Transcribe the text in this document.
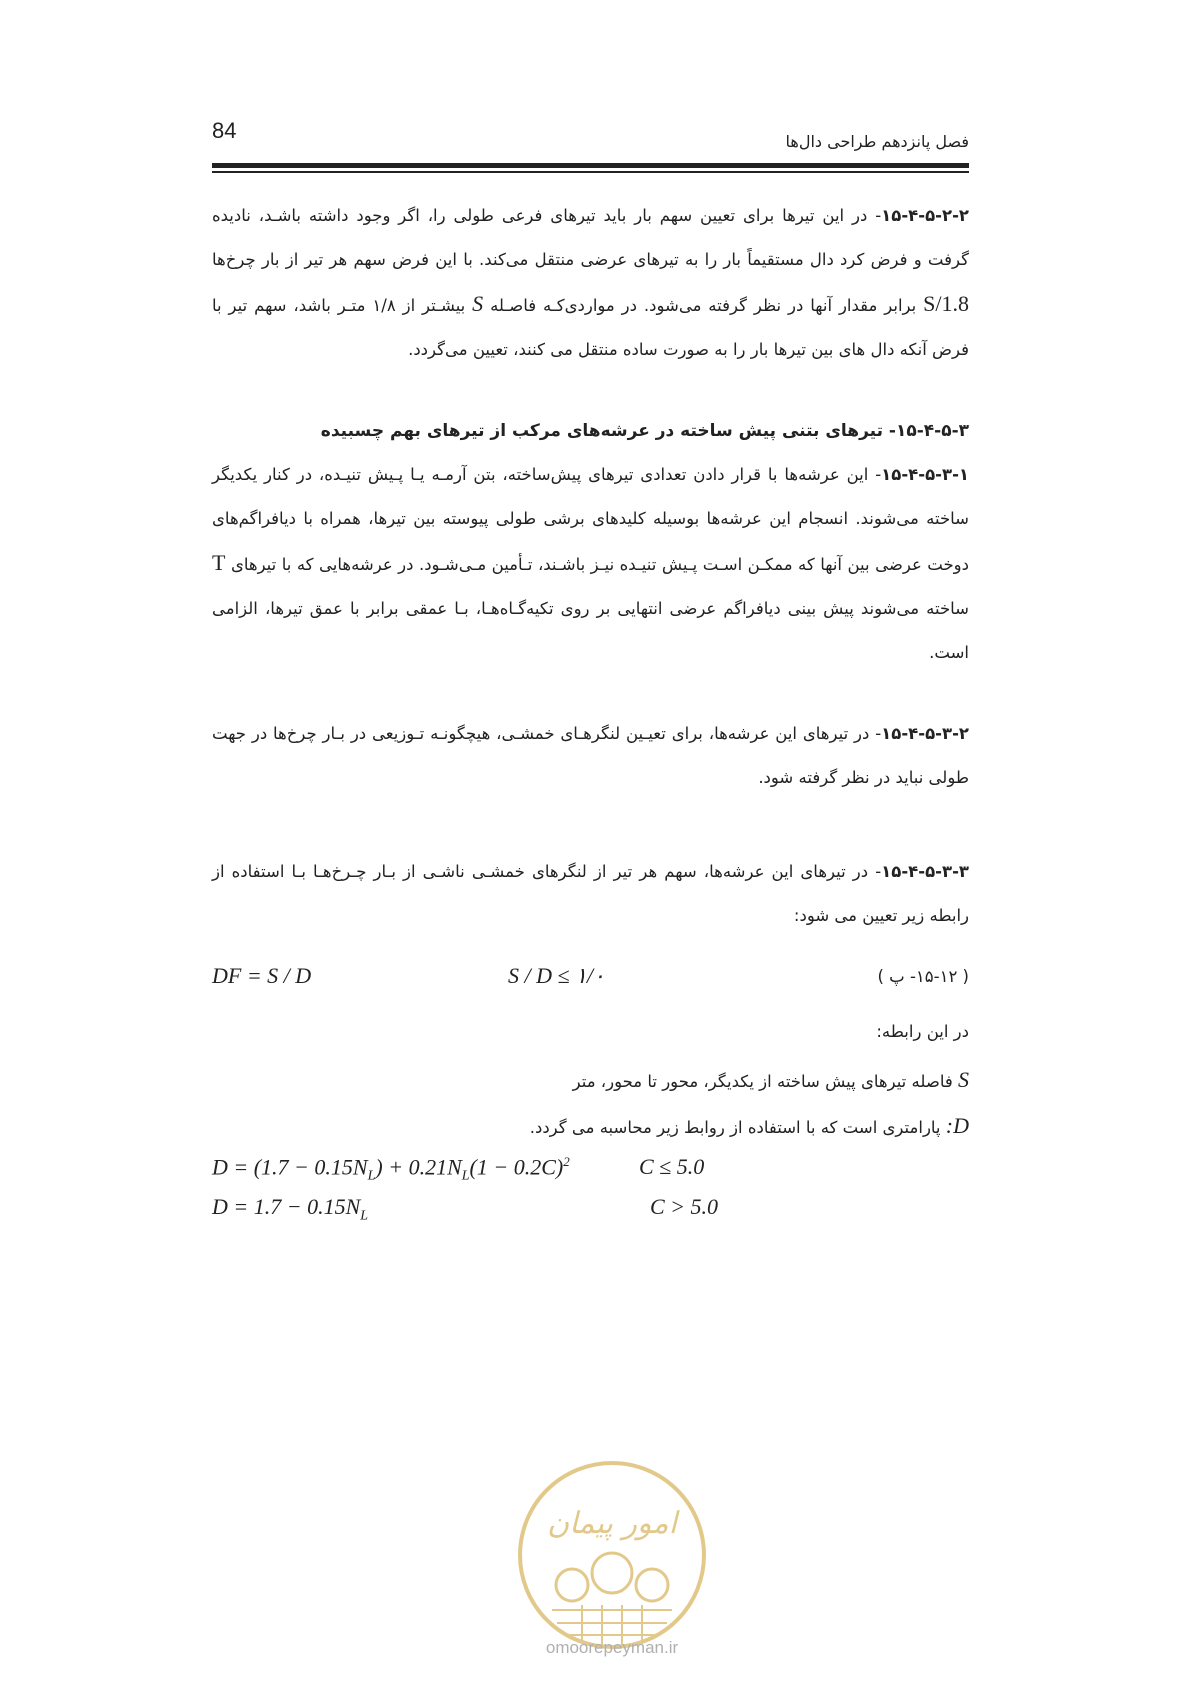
84	فصل پانزدهم طراحی دال‌ها
۱۵-۴-۵-۲-۲- در این تیرها برای تعیین سهم بار باید تیرهای فرعی طولی را، اگر وجود داشته باشـد، نادیده گرفت و فرض کرد دال مستقیماً بار را به تیرهای عرضی منتقل می‌کند. با این فرض سهم هر تیر از بار چرخ‌ها S/1.8 برابر مقدار آنها در نظر گرفته می‌شود. در مواردی‌کـه فاصـله S بیشـتر از ۱/۸ متـر باشد، سهم تیر با فرض آنکه دال های بین تیرها بار را به صورت ساده منتقل می کنند، تعیین می‌گردد.
۱۵-۴-۵-۳- تیرهای بتنی پیش ساخته در عرشه‌های مرکب از تیرهای بهم چسبیده
۱۵-۴-۵-۳-۱- این عرشه‌ها با قرار دادن تعدادی تیرهای پیش‌ساخته، بتن آرمـه یـا پـیش تنیـده، در کنار یکدیگر ساخته می‌شوند. انسجام این عرشه‌ها بوسیله کلیدهای برشی طولی پیوسته بین تیرها، همراه با دیافراگم‌های دوخت عرضی بین آنها که ممکـن اسـت پـیش تنیـده نیـز باشـند، تـأمین مـی‌شـود. در عرشه‌هایی که با تیرهای T ساخته می‌شوند پیش بینی دیافراگم عرضی انتهایی بر روی تکیه‌گـاه‌هـا، بـا عمقی برابر با عمق تیرها، الزامی است.
۱۵-۴-۵-۳-۲- در تیرهای این عرشه‌ها، برای تعیـین لنگرهـای خمشـی، هیچگونـه تـوزیعی در بـار چرخ‌ها در جهت طولی نباید در نظر گرفته شود.
۱۵-۴-۵-۳-۳- در تیرهای این عرشه‌ها، سهم هر تیر از لنگرهای خمشـی ناشـی از بـار چـرخ‌هـا بـا استفاده از رابطه زیر تعیین می شود:
DF = S / D	S / D ≤ ۱/۰	( ۱۵-۱۲- پ )
در این رابطه:
S فاصله تیرهای پیش ساخته از یکدیگر، محور تا محور، متر
D: پارامتری است که با استفاده از روابط زیر محاسبه می گردد.
$D = (1.7 - 0.15N_L) + 0.21N_L(1 - 0.2C)^2$	C ≤ 5.0
$D = 1.7 - 0.15N_L$	C > 5.0
امور پیمان
omoorepeyman.ir
